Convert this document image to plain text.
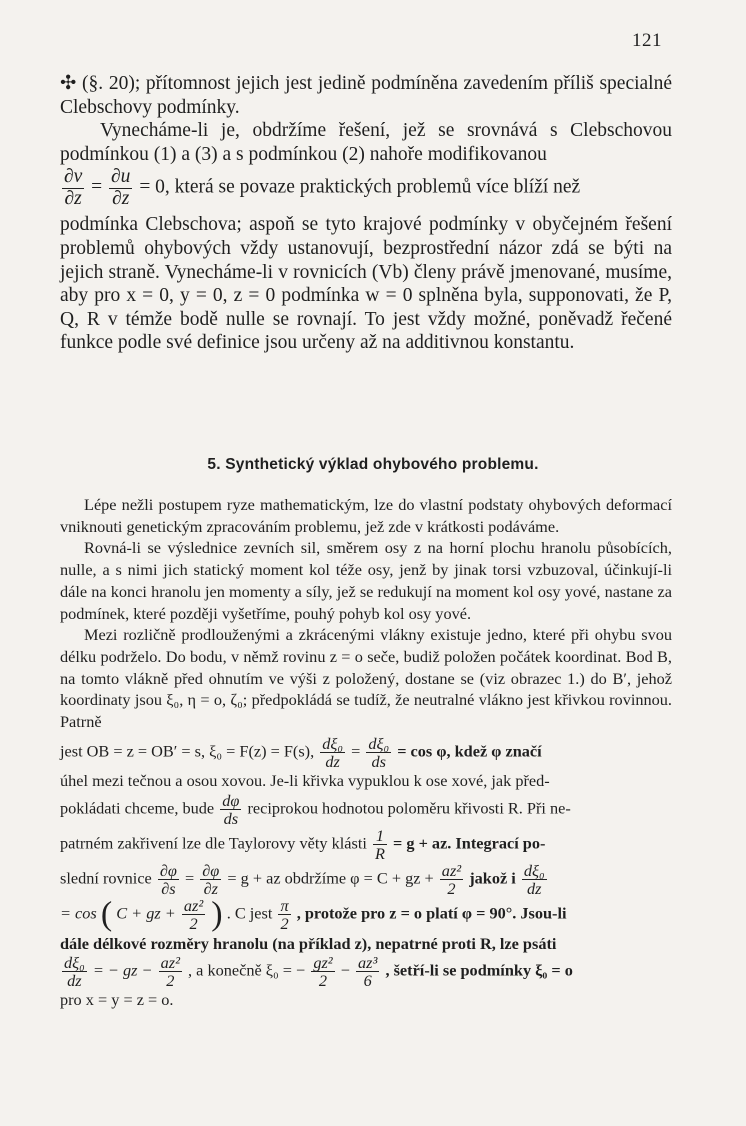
121

✣ (§. 20); přítomnost jejich jest jedině podmíněna zavedením příliš specialné Clebschovy podmínky.

Vynecháme-li je, obdržíme řešení, jež se srovnává s Clebschovou podmínkou (1) a (3) a s podmínkou (2) nahoře modifikovanou

$\frac{\partial v}{\partial z} = \frac{\partial u}{\partial z} = 0$, která se povaze praktických problemů více blíží než

podmínka Clebschova; aspoň se tyto krajové podmínky v obyčejném řešení problemů ohybových vždy ustanovují, bezprostřední názor zdá se býti na jejich straně. Vynecháme-li v rovnicích (Vb) členy právě jmenované, musíme, aby pro x = 0, y = 0, z = 0 podmínka w = 0 splněna byla, supponovati, že P, Q, R v témže bodě nulle se rovnají. To jest vždy možné, poněvadž řečené funkce podle své definice jsou určeny až na additivnou konstantu.

5. Synthetický výklad ohybového problemu.

Lépe nežli postupem ryze mathematickým, lze do vlastní podstaty ohybových deformací vniknouti genetickým zpracováním problemu, jež zde v krátkosti podáváme.

Rovná-li se výslednice zevních sil, směrem osy z na horní plochu hranolu působících, nulle, a s nimi jich statický moment kol téže osy, jenž by jinak torsi vzbuzoval, účinkují-li dále na konci hranolu jen momenty a síly, jež se redukují na moment kol osy yové, nastane za podmínek, které později vyšetříme, pouhý pohyb kol osy yové.

Mezi rozličně prodlouženými a zkrácenými vlákny existuje jedno, které při ohybu svou délku podrželo. Do bodu, v němž rovinu z = o seče, budiž položen počátek koordinat. Bod B, na tomto vlákně před ohnutím ve výši z položený, dostane se (viz obrazec 1.) do B′, jehož koordinaty jsou ξ₀, η = o, ζ₀; předpokládá se tudíž, že neutralné vlákno jest křivkou rovinnou. Patrně

jest OB = z = OB′ = s, ξ₀ = F(z) = F(s), $\frac{\text{dξ₀}}{dz} = \frac{\text{dξ₀}}{ds} = \cos \varphi$, kdež φ značí

úhel mezi tečnou a osou xovou. Je-li křivka vypuklou k ose xové, jak před-

pokládati chceme, bude $\frac{d\varphi}{ds}$ reciprokou hodnotou poloměru křivosti R. Při ne-

patrném zakřivení lze dle Taylorovy věty klásti $\frac{1}{R} = g$ + az. Integrací po-

slední rovnice $\frac{\partial\varphi}{\partial s} = \frac{\partial\varphi}{\partial z} = g$ + az obdržíme φ = C + gz + $\frac{\text{az²}}{2}$ jakož i $\frac{\text{dξ₀}}{dz}$

= cos ( C + gz + $\frac{\text{az²}}{2}$ ) . C jest $\frac{\pi}{2}$ , protože pro z = o platí φ = 90°. Jsou-li

dále délkové rozměry hranolu (na příklad z), nepatrné proti R, lze psáti

$\frac{\text{dξ₀}}{dz}$ = − gz − $\frac{\text{az²}}{2}$ , a konečně ξ₀ = − $\frac{\text{gz²}}{2} - \frac{\text{az³}}{6}$ , šetří-li se podmínky ξ₀ = o

pro x = y = z = o.
